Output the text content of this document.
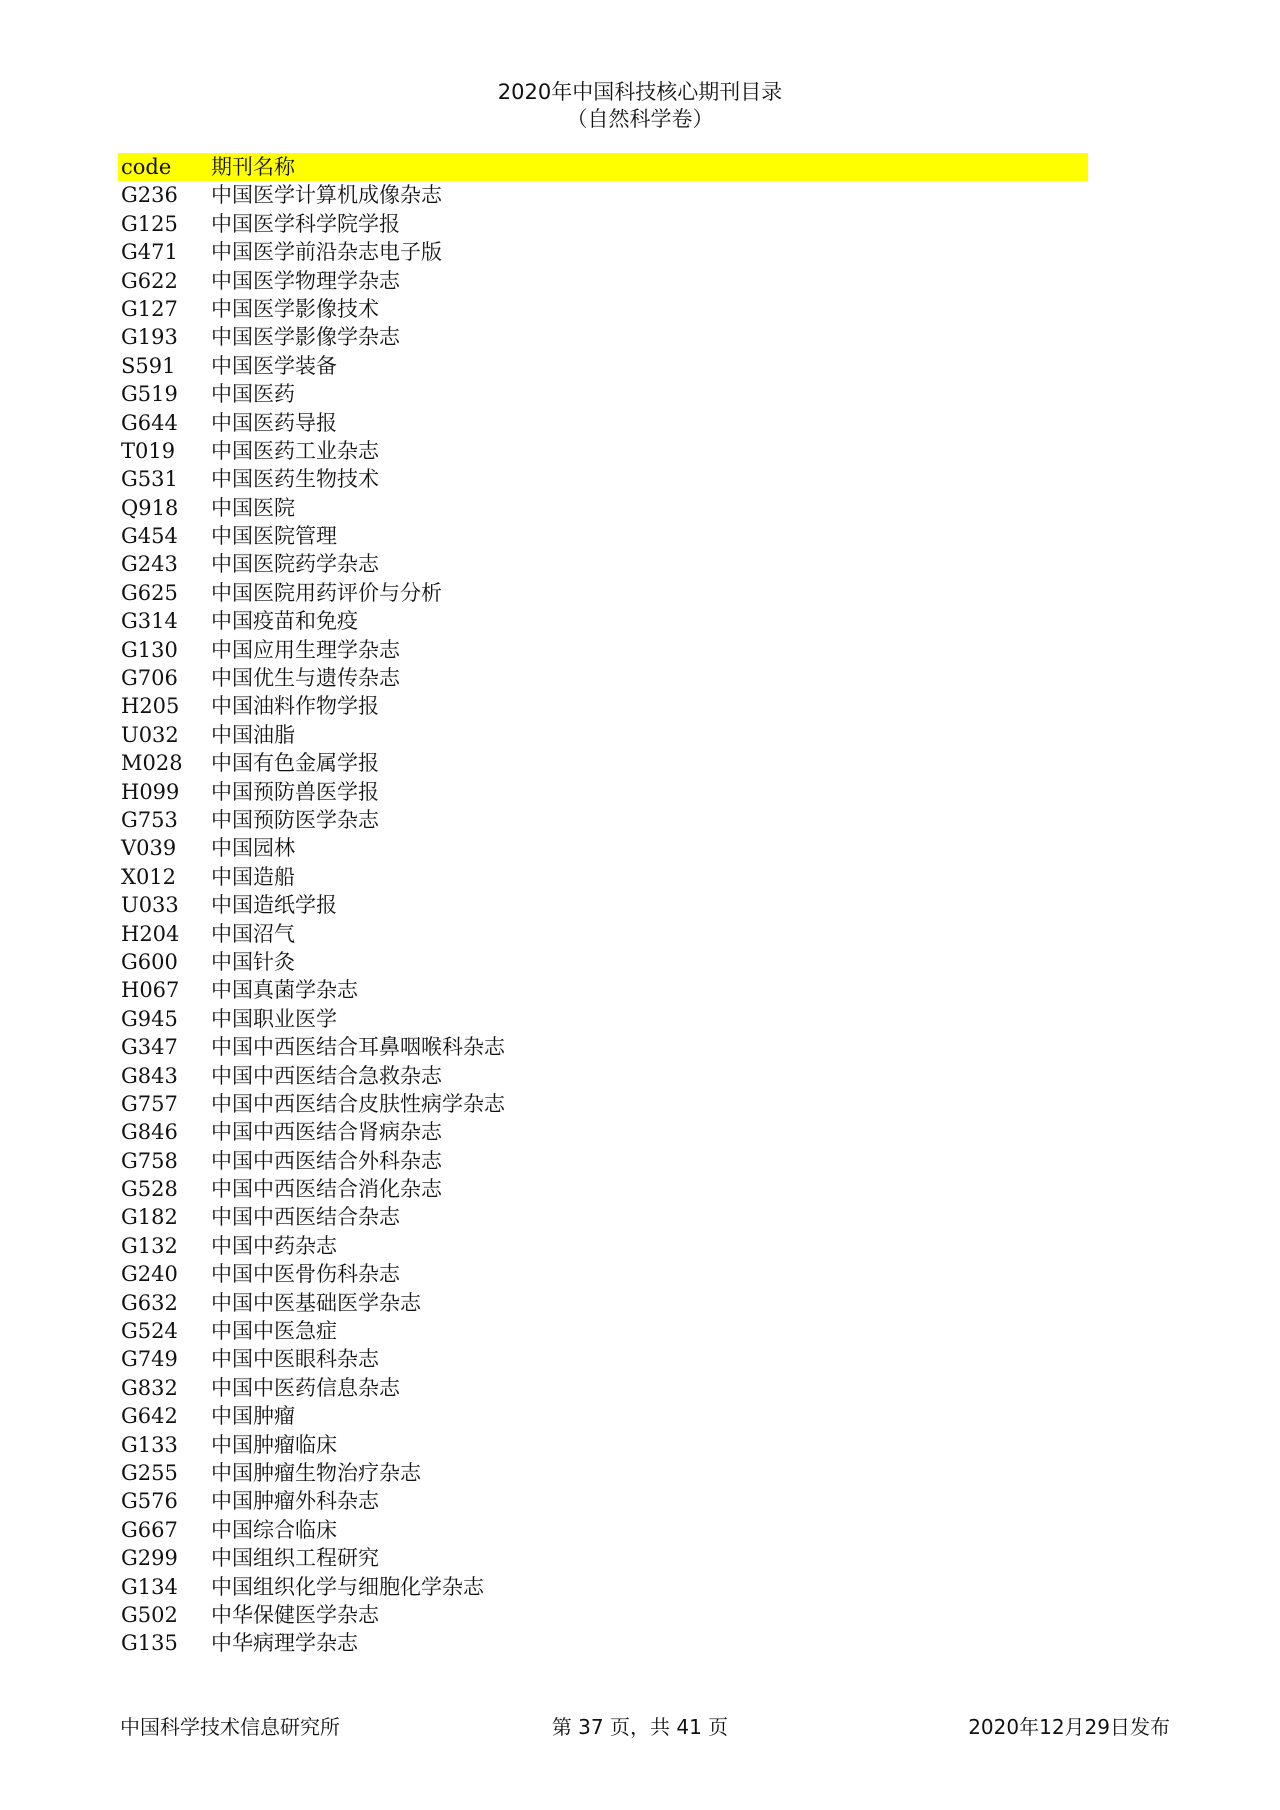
2020年中国科技核心期刊目录
（自然科学卷）
code 期刊名称
G236 中国医学计算机成像杂志
G125 中国医学科学院学报
G471 中国医学前沿杂志电子版
G622 中国医学物理学杂志
G127 中国医学影像技术
G193 中国医学影像学杂志
S591 中国医学装备
G519 中国医药
G644 中国医药导报
T019 中国医药工业杂志
G531 中国医药生物技术
Q918 中国医院
G454 中国医院管理
G243 中国医院药学杂志
G625 中国医院用药评价与分析
G314 中国疫苗和免疫
G130 中国应用生理学杂志
G706 中国优生与遗传杂志
H205 中国油料作物学报
U032 中国油脂
M028 中国有色金属学报
H099 中国预防兽医学报
G753 中国预防医学杂志
V039 中国园林
X012 中国造船
U033 中国造纸学报
H204 中国沼气
G600 中国针灸
H067 中国真菌学杂志
G945 中国职业医学
G347 中国中西医结合耳鼻咽喉科杂志
G843 中国中西医结合急救杂志
G757 中国中西医结合皮肤性病学杂志
G846 中国中西医结合肾病杂志
G758 中国中西医结合外科杂志
G528 中国中西医结合消化杂志
G182 中国中西医结合杂志
G132 中国中药杂志
G240 中国中医骨伤科杂志
G632 中国中医基础医学杂志
G524 中国中医急症
G749 中国中医眼科杂志
G832 中国中医药信息杂志
G642 中国肿瘤
G133 中国肿瘤临床
G255 中国肿瘤生物治疗杂志
G576 中国肿瘤外科杂志
G667 中国综合临床
G299 中国组织工程研究
G134 中国组织化学与细胞化学杂志
G502 中华保健医学杂志
G135 中华病理学杂志
中国科学技术信息研究所	第 37 页，共 41 页	2020年12月29日发布
